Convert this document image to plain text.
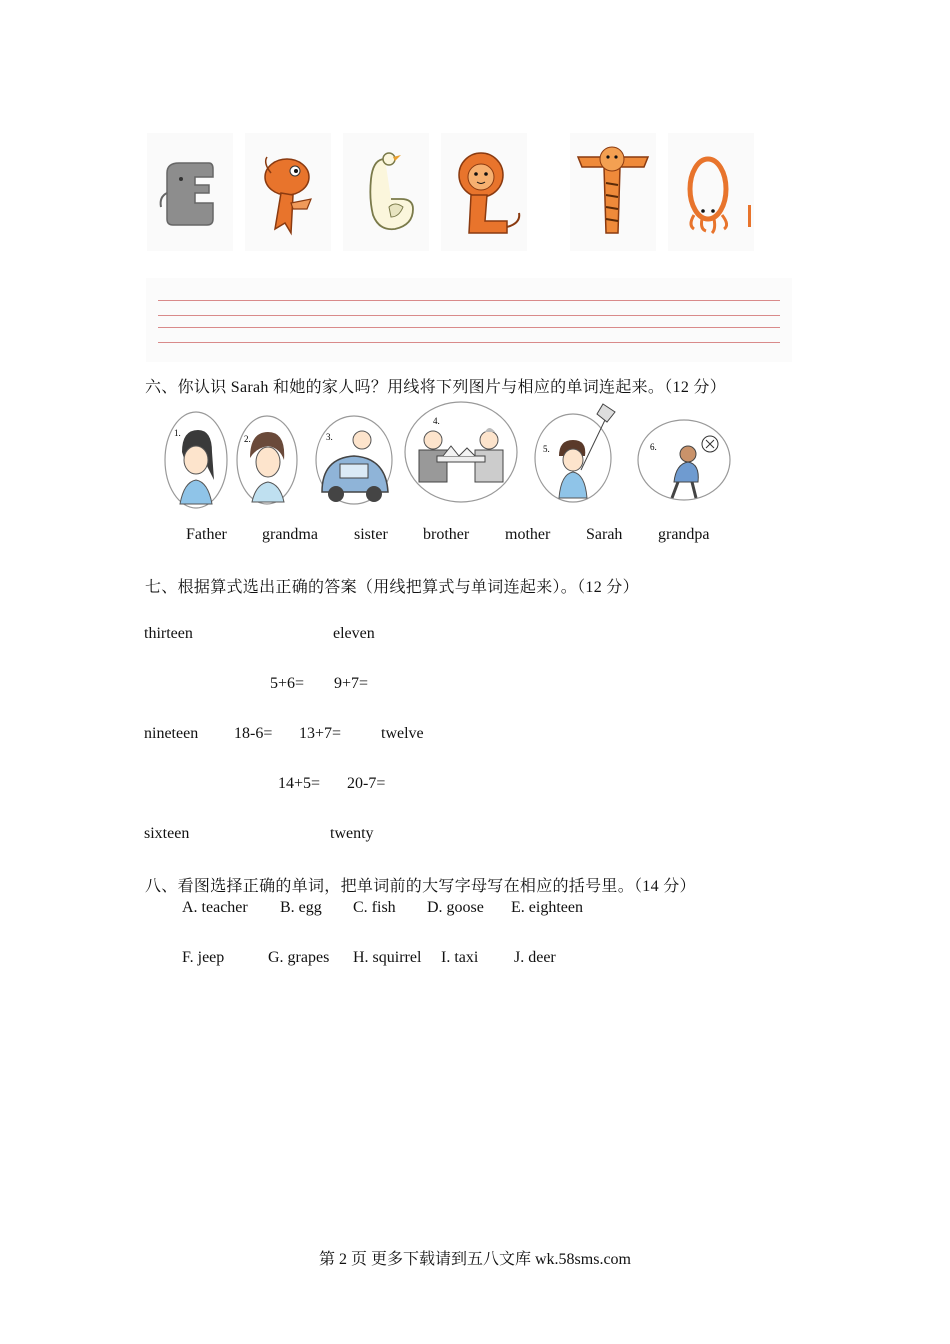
六、你认识 Sarah 和她的家人吗？用线将下列图片与相应的单词连起来。（12 分）
1.
2.	3.
4.
5.	6.
Father grandma sister brother mother Sarah grandpa
七、根据算式选出正确的答案（用线把算式与单词连起来）。（12 分）
thirteen	eleven
5+6= 9+7=
nineteen 18-6= 13+7= twelve
14+5= 20-7=
sixteen	twenty
八、看图选择正确的单词，把单词前的大写字母写在相应的括号里。（14 分）
A. teacher B. egg C. fish D. goose E. eighteen
F. jeep	G. grapes H. squirrel I. taxi J. deer
第 2 页 更多下载请到五八文库 wk.58sms.com
